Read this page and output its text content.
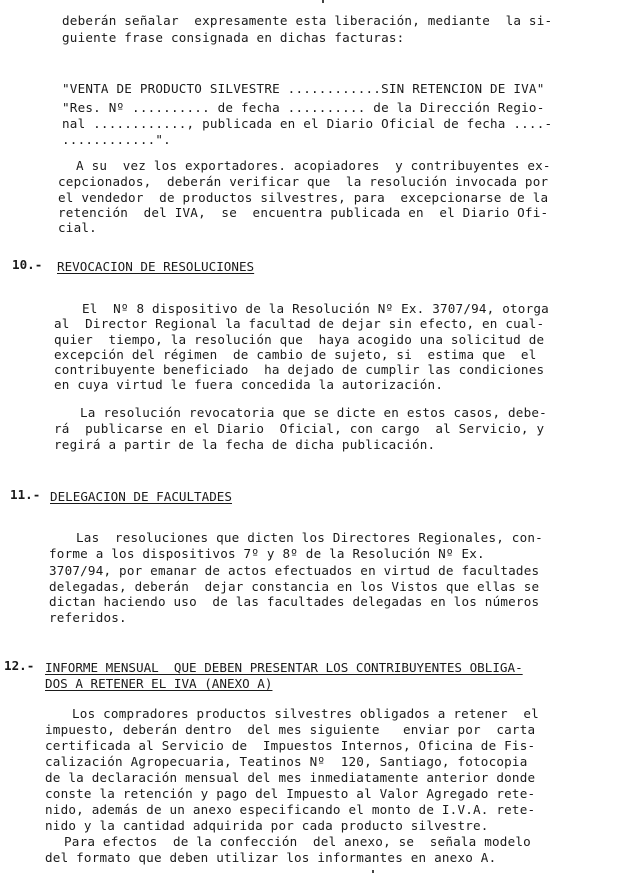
deberán señalar  expresamente esta liberación, mediante  la si-

guiente frase consignada en dichas facturas:

"VENTA DE PRODUCTO SILVESTRE ............SIN RETENCION DE IVA"

"Res. Nº .......... de fecha .......... de la Dirección Regio-

nal ............, publicada en el Diario Oficial de fecha ....-

............".

A su  vez los exportadores. acopiadores  y contribuyentes ex-

cepcionados,  deberán verificar que  la resolución invocada por

el vendedor  de productos silvestres, para  excepcionarse de la

retención  del IVA,  se  encuentra publicada en  el Diario Ofi-

cial.

10.- REVOCACION DE RESOLUCIONES

El  Nº 8 dispositivo de la Resolución Nº Ex. 3707/94, otorga

al  Director Regional la facultad de dejar sin efecto, en cual-

quier  tiempo, la resolución que  haya acogido una solicitud de

excepción del régimen  de cambio de sujeto, si  estima que  el

contribuyente beneficiado  ha dejado de cumplir las condiciones

en cuya virtud le fuera concedida la autorización.

La resolución revocatoria que se dicte en estos casos, debe-

rá  publicarse en el Diario  Oficial, con cargo  al Servicio, y

regirá a partir de la fecha de dicha publicación.

11.- DELEGACION DE FACULTADES

Las  resoluciones que dicten los Directores Regionales, con-

forme a los dispositivos 7º y 8º de la Resolución Nº Ex.

3707/94, por emanar de actos efectuados en virtud de facultades

delegadas, deberán  dejar constancia en los Vistos que ellas se

dictan haciendo uso  de las facultades delegadas en los números

referidos.

12.- INFORME MENSUAL  QUE DEBEN PRESENTAR LOS CONTRIBUYENTES OBLIGA-

DOS A RETENER EL IVA (ANEXO A)

Los compradores productos silvestres obligados a retener  el

impuesto, deberán dentro  del mes siguiente   enviar por  carta

certificada al Servicio de  Impuestos Internos, Oficina de Fis-

calización Agropecuaria, Teatinos Nº  120, Santiago, fotocopia

de la declaración mensual del mes inmediatamente anterior donde

conste la retención y pago del Impuesto al Valor Agregado rete-

nido, además de un anexo especificando el monto de I.V.A. rete-

nido y la cantidad adquirida por cada producto silvestre.

Para efectos  de la confección  del anexo, se  señala modelo

del formato que deben utilizar los informantes en anexo A.
